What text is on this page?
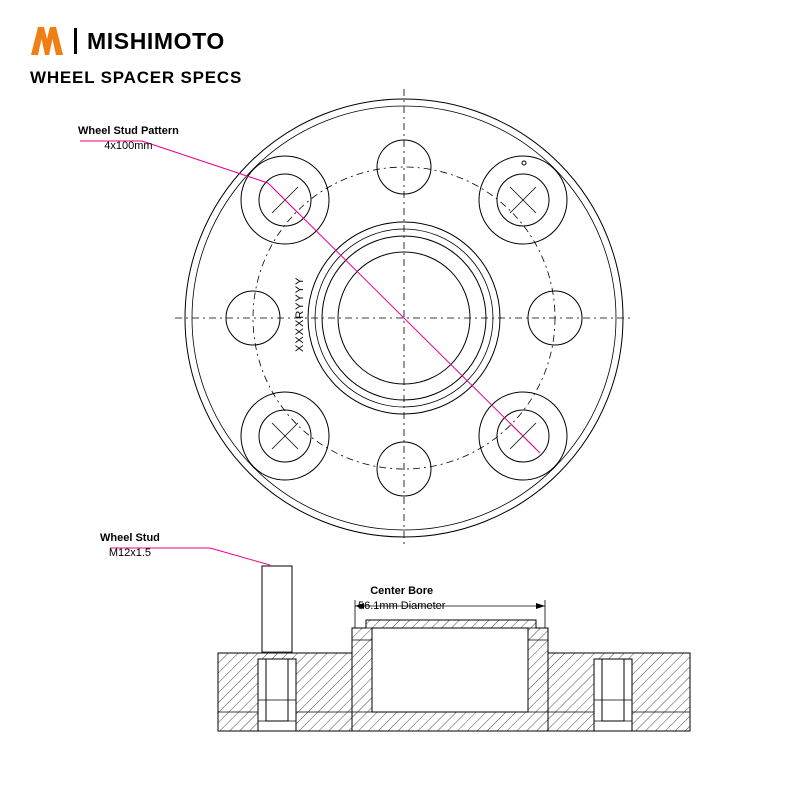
MISHIMOTO
WHEEL SPACER SPECS
XXXXRYYYY
Wheel Stud Pattern
4x100mm
Wheel Stud
M12x1.5
Center Bore
56.1mm Diameter
